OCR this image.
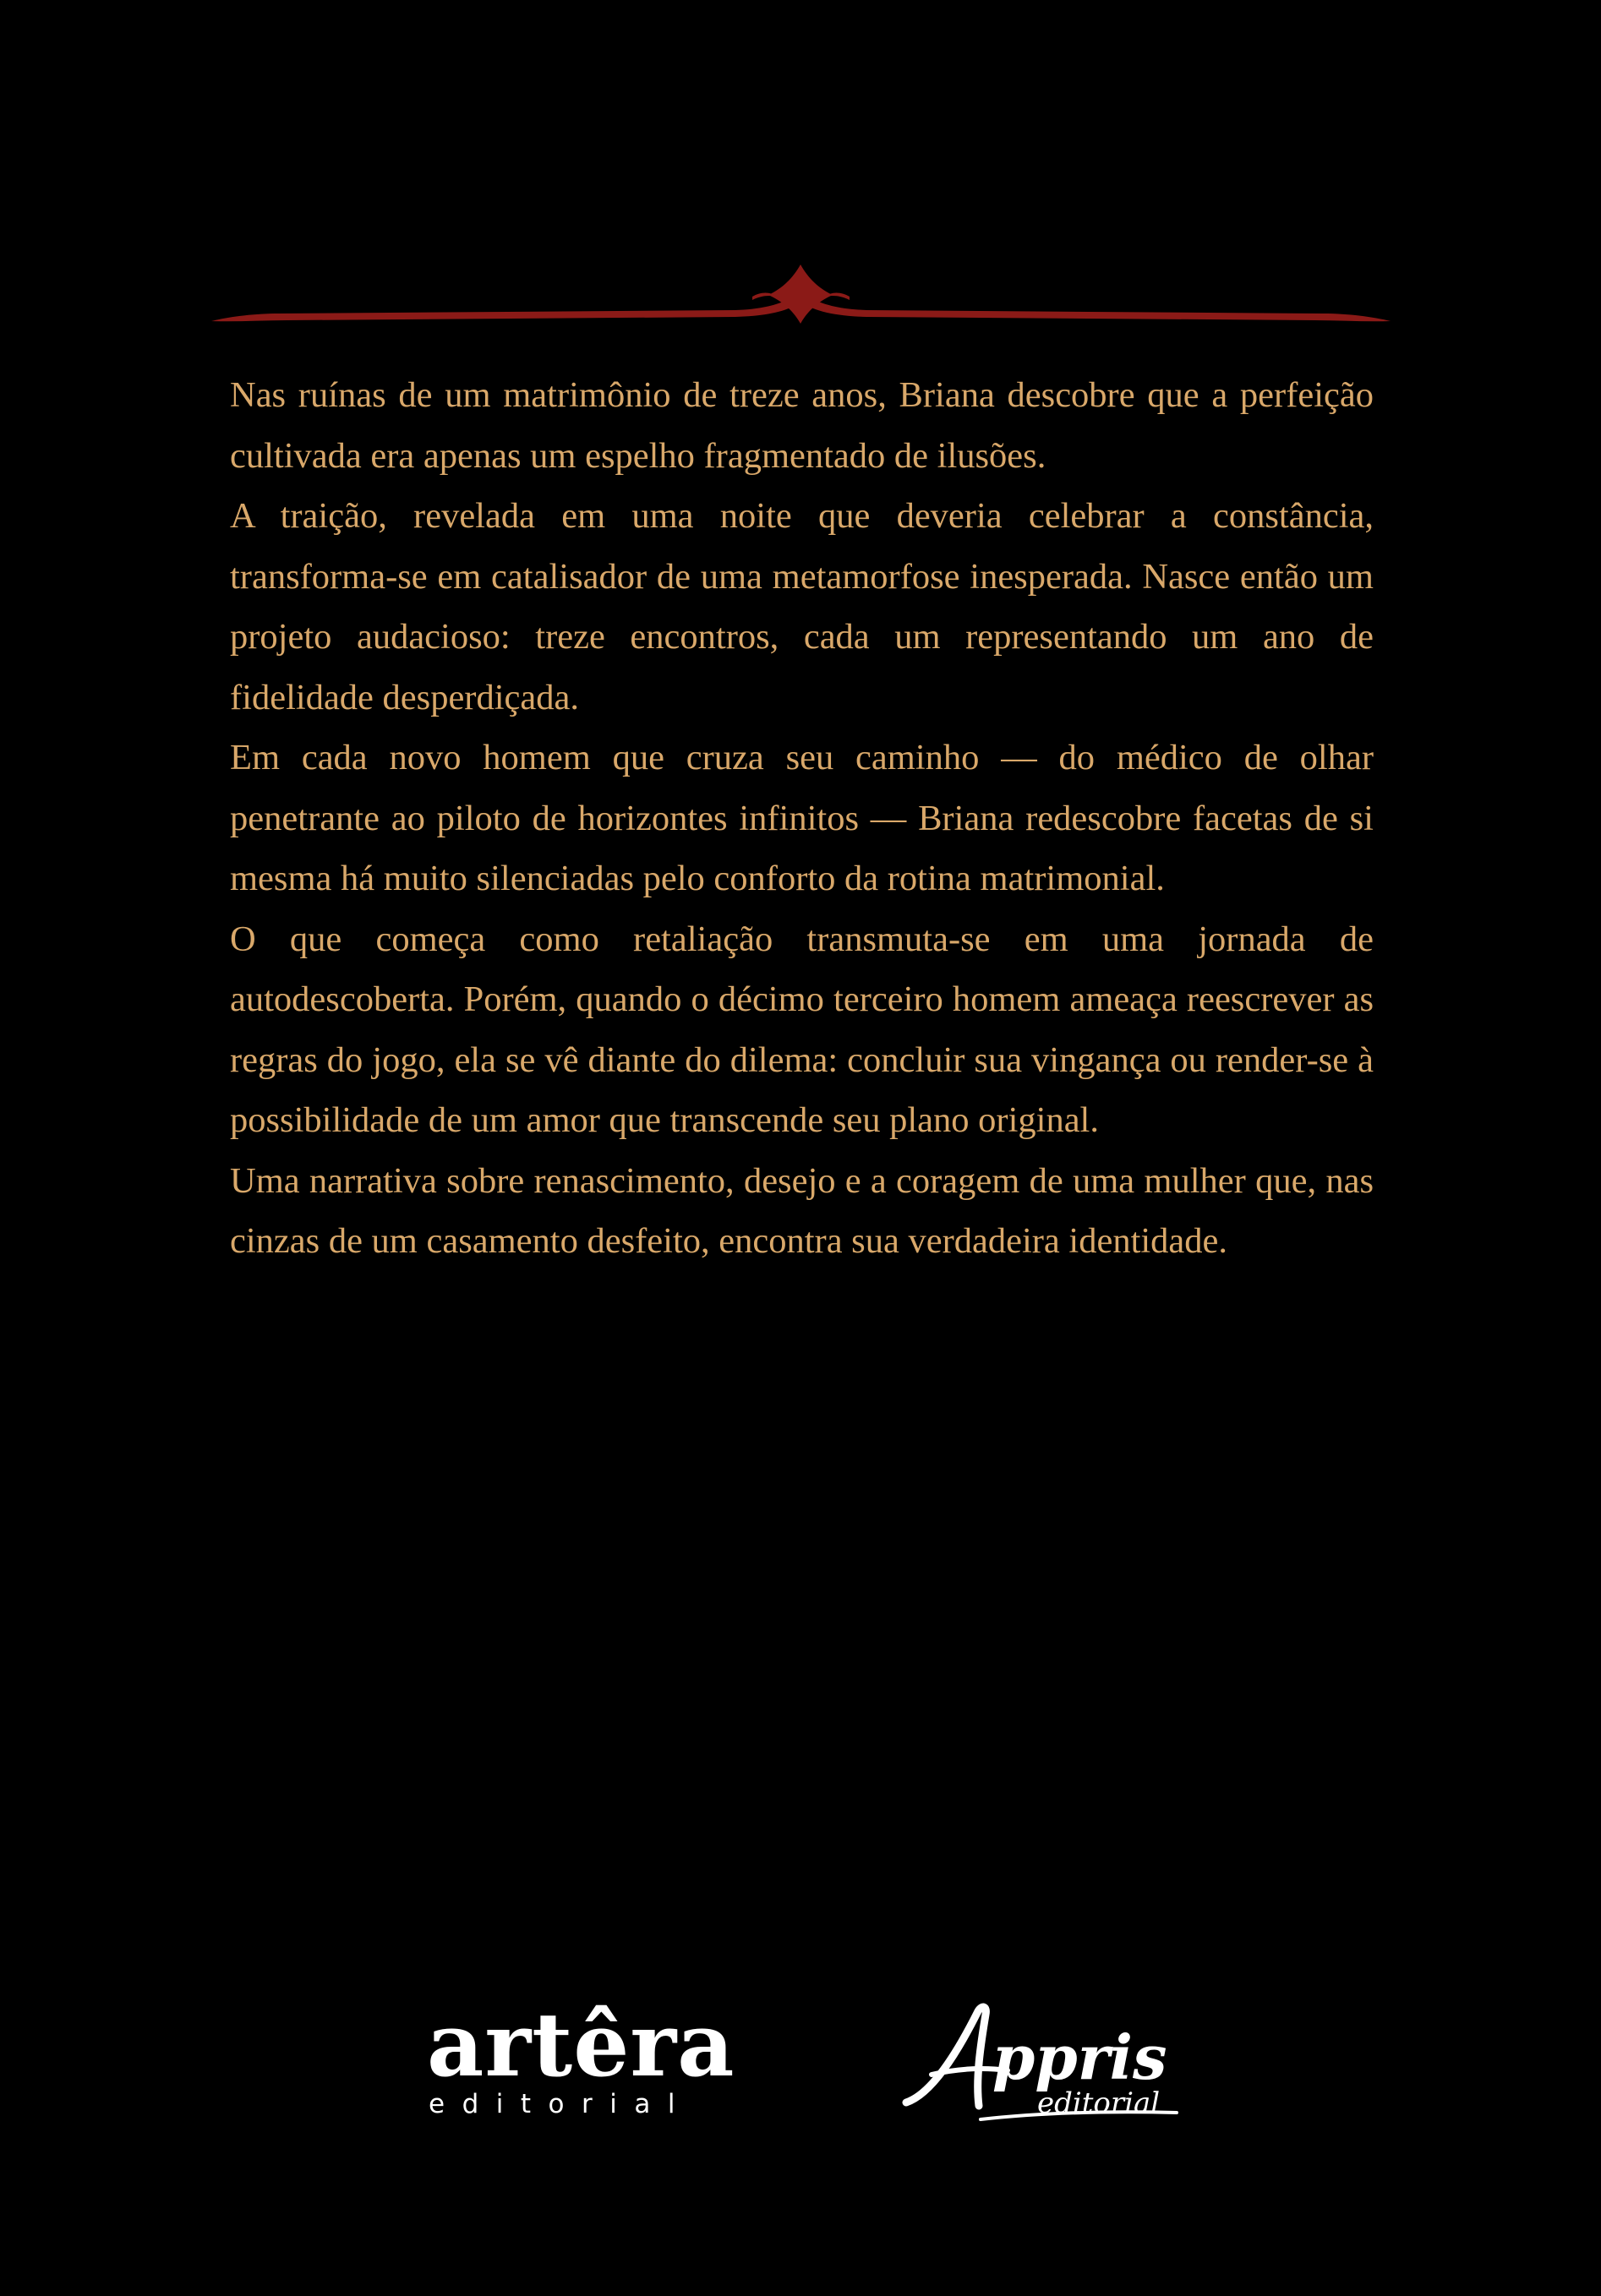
Nas ruínas de um matrimônio de treze anos, Briana descobre que a perfeição cultivada era apenas um espelho fragmentado de ilusões.

A traição, revelada em uma noite que deveria celebrar a constância, transforma-se em catalisador de uma metamorfose inesperada. Nasce então um projeto audacioso: treze encontros, cada um representando um ano de fidelidade desperdiçada.

Em cada novo homem que cruza seu caminho — do médico de olhar penetrante ao piloto de horizontes infinitos — Briana redescobre facetas de si mesma há muito silenciadas pelo conforto da rotina matrimonial.

O que começa como retaliação transmuta-se em uma jornada de autodescoberta. Porém, quando o décimo terceiro homem ameaça reescrever as regras do jogo, ela se vê diante do dilema: concluir sua vingança ou render-se à possibilidade de um amor que transcende seu plano original.

Uma narrativa sobre renascimento, desejo e a coragem de uma mulher que, nas cinzas de um casamento desfeito, encontra sua verdadeira identidade.

artêra
editorial
ppris
editorial
